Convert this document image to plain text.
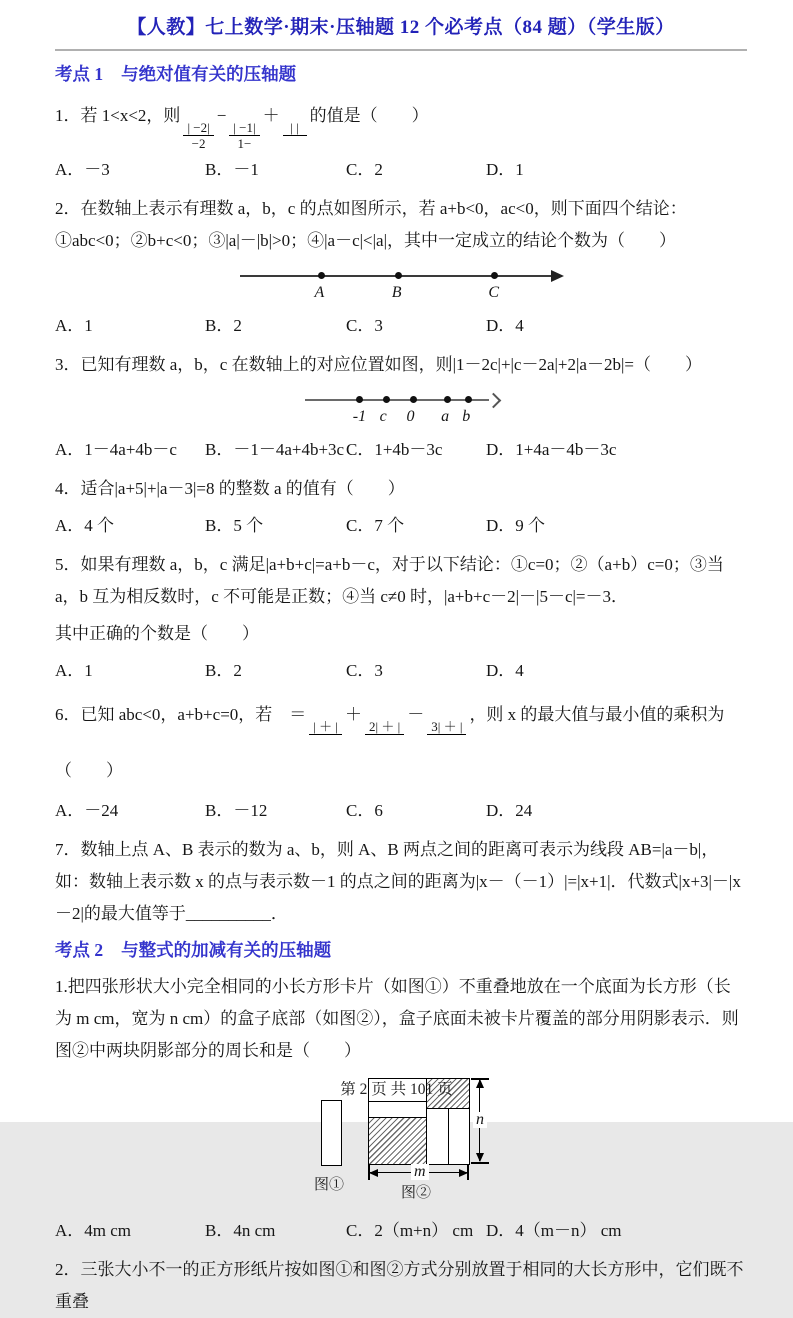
【人教】七上数学·期末·压轴题 12 个必考点（84 题）（学生版）
考点 1 与绝对值有关的压轴题

1．若 1<x<2，则
$\frac{| -2|}{-2}$
−
$\frac{| -1|}{1-}$
＋
| |
的值是（　　）

A．－3	B．－1	C．2	D．1

2．在数轴上表示有理数 a，b，c 的点如图所示，若 a+b<0，ac<0，则下面四个结论：①abc<0；②b+c<0；③|a|－|b|>0；④|a－c|<|a|，其中一定成立的结论个数为（　　）

A	B	C
A．1	B．2	C．3	D．4

3．已知有理数 a，b，c 在数轴上的对应位置如图，则|1－2c|+|c－2a|+2|a－2b|=（　　）

-1 c 0 a b
A．1－4a+4b－c	B．－1－4a+4b+3c C．1+4b－3c	D．1+4a－4b－3c

4．适合|a+5|+|a－3|=8 的整数 a 的值有（　　）

A．4 个	B．5 个	C．7 个	D．9 个

5．如果有理数 a，b，c 满足|a+b+c|=a+b－c，对于以下结论：①c=0；②（a+b）c=0；③当 a，b 互为相反数时，c 不可能是正数；④当 c≠0 时，|a+b+c－2|－|5－c|=－3．

其中正确的个数是（　　）

A．1	B．2	C．3	D．4

6．已知 abc<0，a+b+c=0，若　＝
| ＋ |
＋
2| ＋ |
－
3| ＋ |
，则 x 的最大值与最小值的乘积为（　　）

A．－24	B．－12	C．6	D．24

7．数轴上点 A、B 表示的数为 a、b，则 A、B 两点之间的距离可表示为线段 AB=|a－b|，如：数轴上表示数 x 的点与表示数－1 的点之间的距离为|x－（－1）|=|x+1|．代数式|x+3|－|x－2|的最大值等于__________．

考点 2 与整式的加减有关的压轴题

1.把四张形状大小完全相同的小长方形卡片（如图①）不重叠地放在一个底面为长方形（长为 m cm，宽为 n cm）的盒子底部（如图②），盒子底面未被卡片覆盖的部分用阴影表示．则图②中两块阴影部分的周长和是（　　）

图①	图②
n
m
A．4m cm	B．4n cm	C．2（m+n） cm D．4（m－n） cm

2．三张大小不一的正方形纸片按如图①和图②方式分别放置于相同的大长方形中，它们既不重叠

第 2 页 共 101 页
